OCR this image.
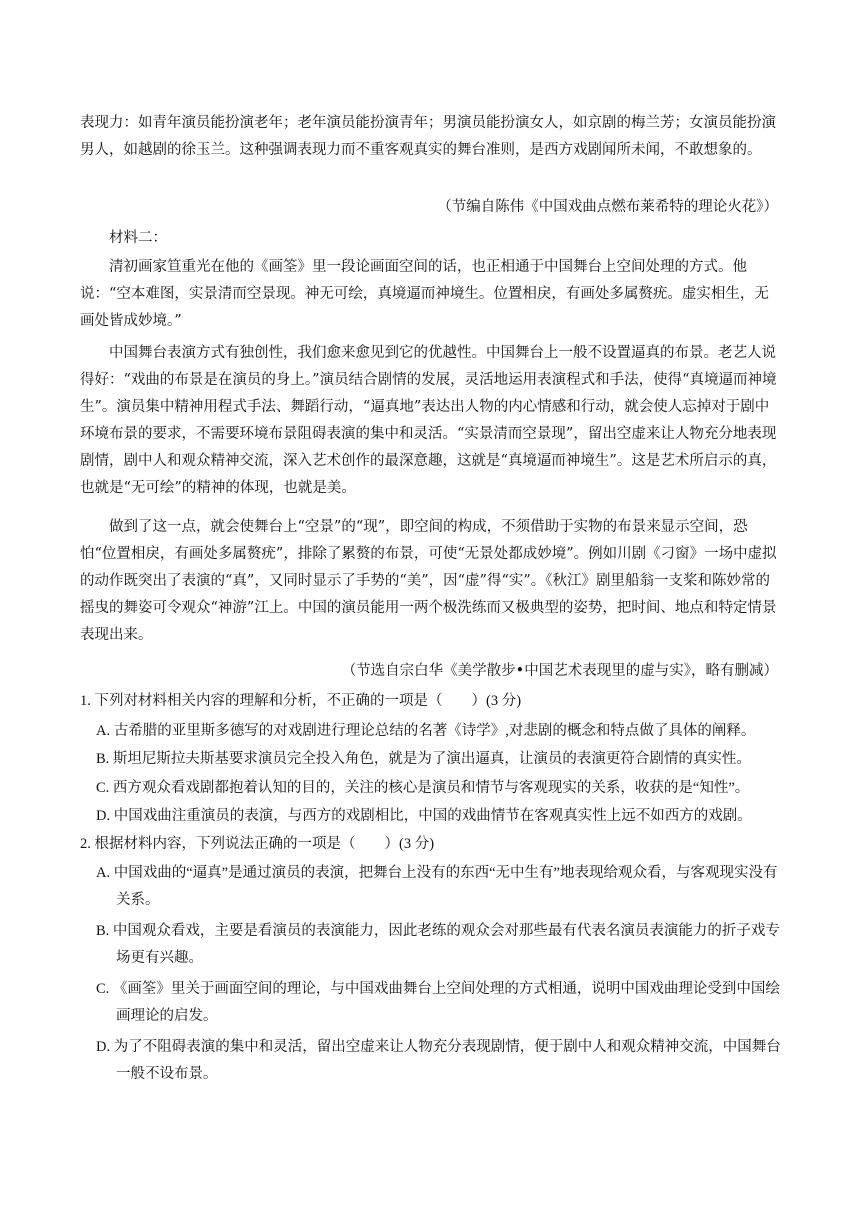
表现力：如青年演员能扮演老年；老年演员能扮演青年；男演员能扮演女人，如京剧的梅兰芳；女演员能扮演男人，如越剧的徐玉兰。这种强调表现力而不重客观真实的舞台准则，是西方戏剧闻所未闻，不敢想象的。

（节编自陈伟《中国戏曲点燃布莱希特的理论火花》）

材料二：

清初画家笪重光在他的《画筌》里一段论画面空间的话，也正相通于中国舞台上空间处理的方式。他说：“空本难图，实景清而空景现。神无可绘，真境逼而神境生。位置相戾，有画处多属赘疣。虚实相生，无画处皆成妙境。”

中国舞台表演方式有独创性，我们愈来愈见到它的优越性。中国舞台上一般不设置逼真的布景。老艺人说得好：“戏曲的布景是在演员的身上。”演员结合剧情的发展，灵活地运用表演程式和手法，使得“真境逼而神境生”。演员集中精神用程式手法、舞蹈行动，“逼真地”表达出人物的内心情感和行动，就会使人忘掉对于剧中环境布景的要求，不需要环境布景阻碍表演的集中和灵活。“实景清而空景现”，留出空虚来让人物充分地表现剧情，剧中人和观众精神交流，深入艺术创作的最深意趣，这就是“真境逼而神境生”。这是艺术所启示的真，也就是“无可绘”的精神的体现，也就是美。

做到了这一点，就会使舞台上“空景”的“现”，即空间的构成，不须借助于实物的布景来显示空间，恐怕“位置相戾，有画处多属赘疣”，排除了累赘的布景，可使“无景处都成妙境”。例如川剧《刁窗》一场中虚拟的动作既突出了表演的“真”，又同时显示了手势的“美”，因“虚”得“实”。《秋江》剧里船翁一支桨和陈妙常的摇曳的舞姿可令观众“神游”江上。中国的演员能用一两个极洗练而又极典型的姿势，把时间、地点和特定情景表现出来。

（节选自宗白华《美学散步•中国艺术表现里的虚与实》，略有删减）

1. 下列对材料相关内容的理解和分析，不正确的一项是（　　）(3 分)

A. 古希腊的亚里斯多德写的对戏剧进行理论总结的名著《诗学》,对悲剧的概念和特点做了具体的阐释。

B. 斯坦尼斯拉夫斯基要求演员完全投入角色，就是为了演出逼真，让演员的表演更符合剧情的真实性。

C. 西方观众看戏剧都抱着认知的目的，关注的核心是演员和情节与客观现实的关系，收获的是“知性”。

D. 中国戏曲注重演员的表演，与西方的戏剧相比，中国的戏曲情节在客观真实性上远不如西方的戏剧。

2. 根据材料内容，下列说法正确的一项是（　　）(3 分)

A. 中国戏曲的“逼真”是通过演员的表演，把舞台上没有的东西“无中生有”地表现给观众看，与客观现实没有关系。

B. 中国观众看戏，主要是看演员的表演能力，因此老练的观众会对那些最有代表名演员表演能力的折子戏专场更有兴趣。

C. 《画筌》里关于画面空间的理论，与中国戏曲舞台上空间处理的方式相通，说明中国戏曲理论受到中国绘画理论的启发。

D. 为了不阻碍表演的集中和灵活，留出空虚来让人物充分表现剧情，便于剧中人和观众精神交流，中国舞台一般不设布景。
